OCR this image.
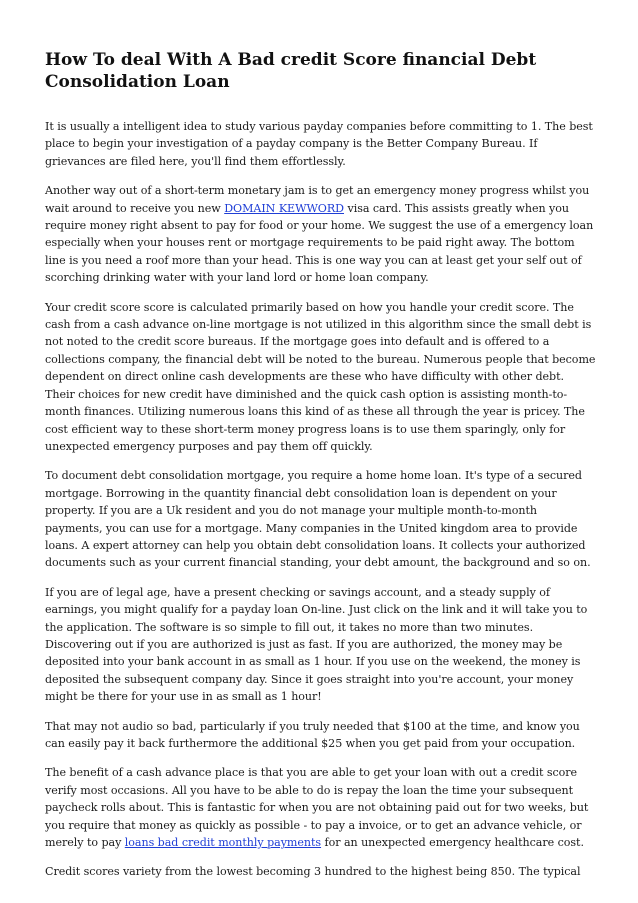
How To deal With A Bad credit Score financial Debt Consolidation Loan

It is usually a intelligent idea to study various payday companies before committing to 1. The best place to begin your investigation of a payday company is the Better Company Bureau. If grievances are filed here, you'll find them effortlessly.

Another way out of a short-term monetary jam is to get an emergency money progress whilst you wait around to receive you new DOMAIN KEWWORD visa card. This assists greatly when you require money right absent to pay for food or your home. We suggest the use of a emergency loan especially when your houses rent or mortgage requirements to be paid right away. The bottom line is you need a roof more than your head. This is one way you can at least get your self out of scorching drinking water with your land lord or home loan company.

Your credit score score is calculated primarily based on how you handle your credit score. The cash from a cash advance on-line mortgage is not utilized in this algorithm since the small debt is not noted to the credit score bureaus. If the mortgage goes into default and is offered to a collections company, the financial debt will be noted to the bureau. Numerous people that become dependent on direct online cash developments are these who have difficulty with other debt. Their choices for new credit have diminished and the quick cash option is assisting month-to-month finances. Utilizing numerous loans this kind of as these all through the year is pricey. The cost efficient way to these short-term money progress loans is to use them sparingly, only for unexpected emergency purposes and pay them off quickly.

To document debt consolidation mortgage, you require a home home loan. It's type of a secured mortgage. Borrowing in the quantity financial debt consolidation loan is dependent on your property. If you are a Uk resident and you do not manage your multiple month-to-month payments, you can use for a mortgage. Many companies in the United kingdom area to provide loans. A expert attorney can help you obtain debt consolidation loans. It collects your authorized documents such as your current financial standing, your debt amount, the background and so on.

If you are of legal age, have a present checking or savings account, and a steady supply of earnings, you might qualify for a payday loan On-line. Just click on the link and it will take you to the application. The software is so simple to fill out, it takes no more than two minutes. Discovering out if you are authorized is just as fast. If you are authorized, the money may be deposited into your bank account in as small as 1 hour. If you use on the weekend, the money is deposited the subsequent company day. Since it goes straight into you're account, your money might be there for your use in as small as 1 hour!

That may not audio so bad, particularly if you truly needed that $100 at the time, and know you can easily pay it back furthermore the additional $25 when you get paid from your occupation.

The benefit of a cash advance place is that you are able to get your loan with out a credit score verify most occasions. All you have to be able to do is repay the loan the time your subsequent paycheck rolls about. This is fantastic for when you are not obtaining paid out for two weeks, but you require that money as quickly as possible - to pay a invoice, or to get an advance vehicle, or merely to pay loans bad credit monthly payments for an unexpected emergency healthcare cost.

Credit scores variety from the lowest becoming 3 hundred to the highest being 850. The typical
